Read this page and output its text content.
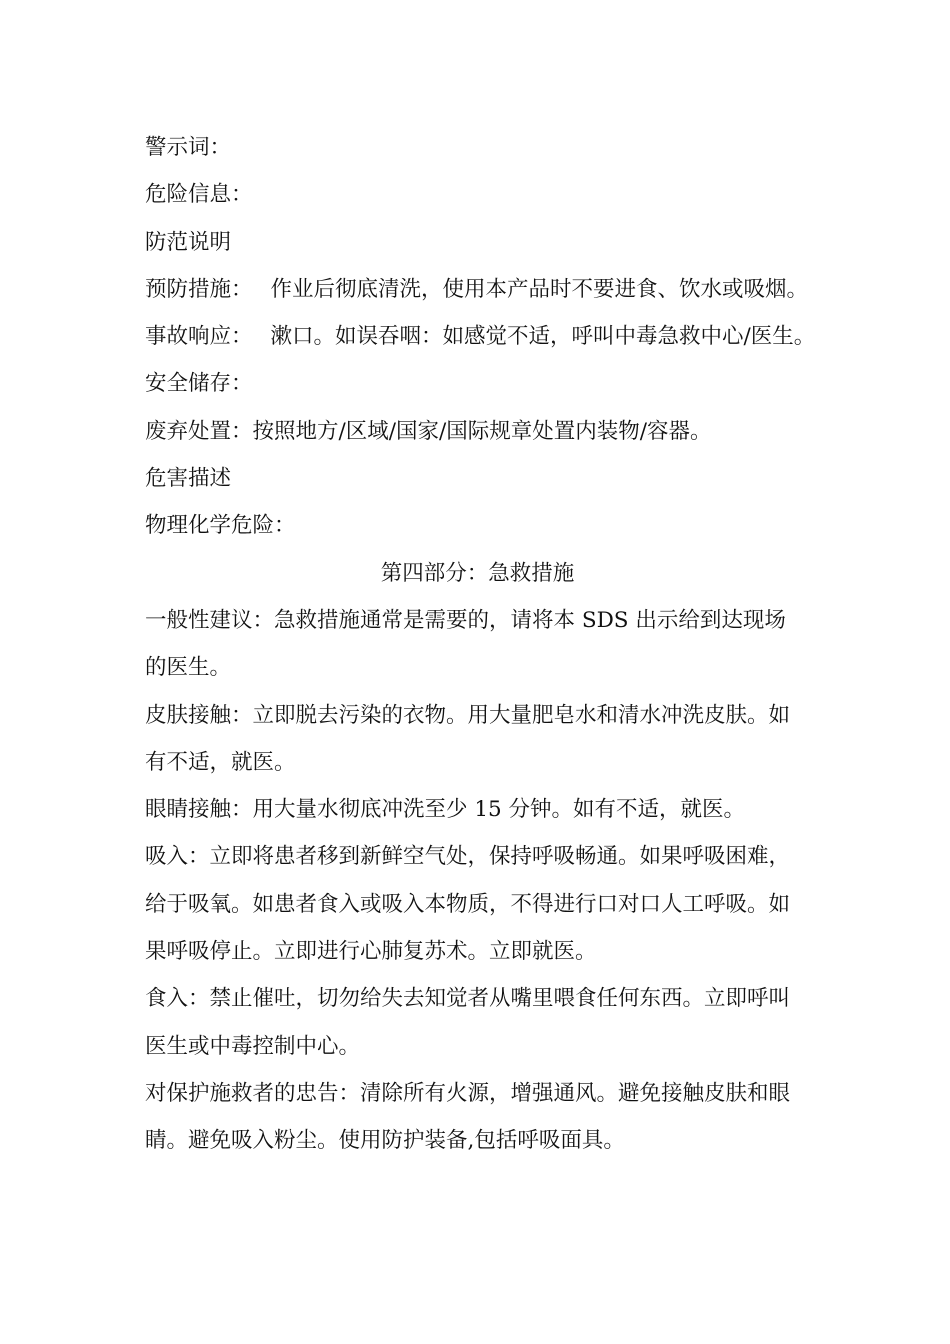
警示词：

危险信息：

防范说明

预防措施： 作业后彻底清洗，使用本产品时不要进食、饮水或吸烟。

事故响应： 漱口。如误吞咽：如感觉不适，呼叫中毒急救中心/医生。

安全储存：

废弃处置：按照地方/区域/国家/国际规章处置内装物/容器。

危害描述

物理化学危险：

第四部分：急救措施

一般性建议：急救措施通常是需要的，请将本 SDS 出示给到达现场

的医生。

皮肤接触：立即脱去污染的衣物。用大量肥皂水和清水冲洗皮肤。如

有不适，就医。

眼睛接触：用大量水彻底冲洗至少 15 分钟。如有不适，就医。

吸入：立即将患者移到新鲜空气处，保持呼吸畅通。如果呼吸困难，

给于吸氧。如患者食入或吸入本物质，不得进行口对口人工呼吸。如

果呼吸停止。立即进行心肺复苏术。立即就医。

食入：禁止催吐，切勿给失去知觉者从嘴里喂食任何东西。立即呼叫

医生或中毒控制中心。

对保护施救者的忠告：清除所有火源，增强通风。避免接触皮肤和眼

睛。避免吸入粉尘。使用防护装备,包括呼吸面具。
